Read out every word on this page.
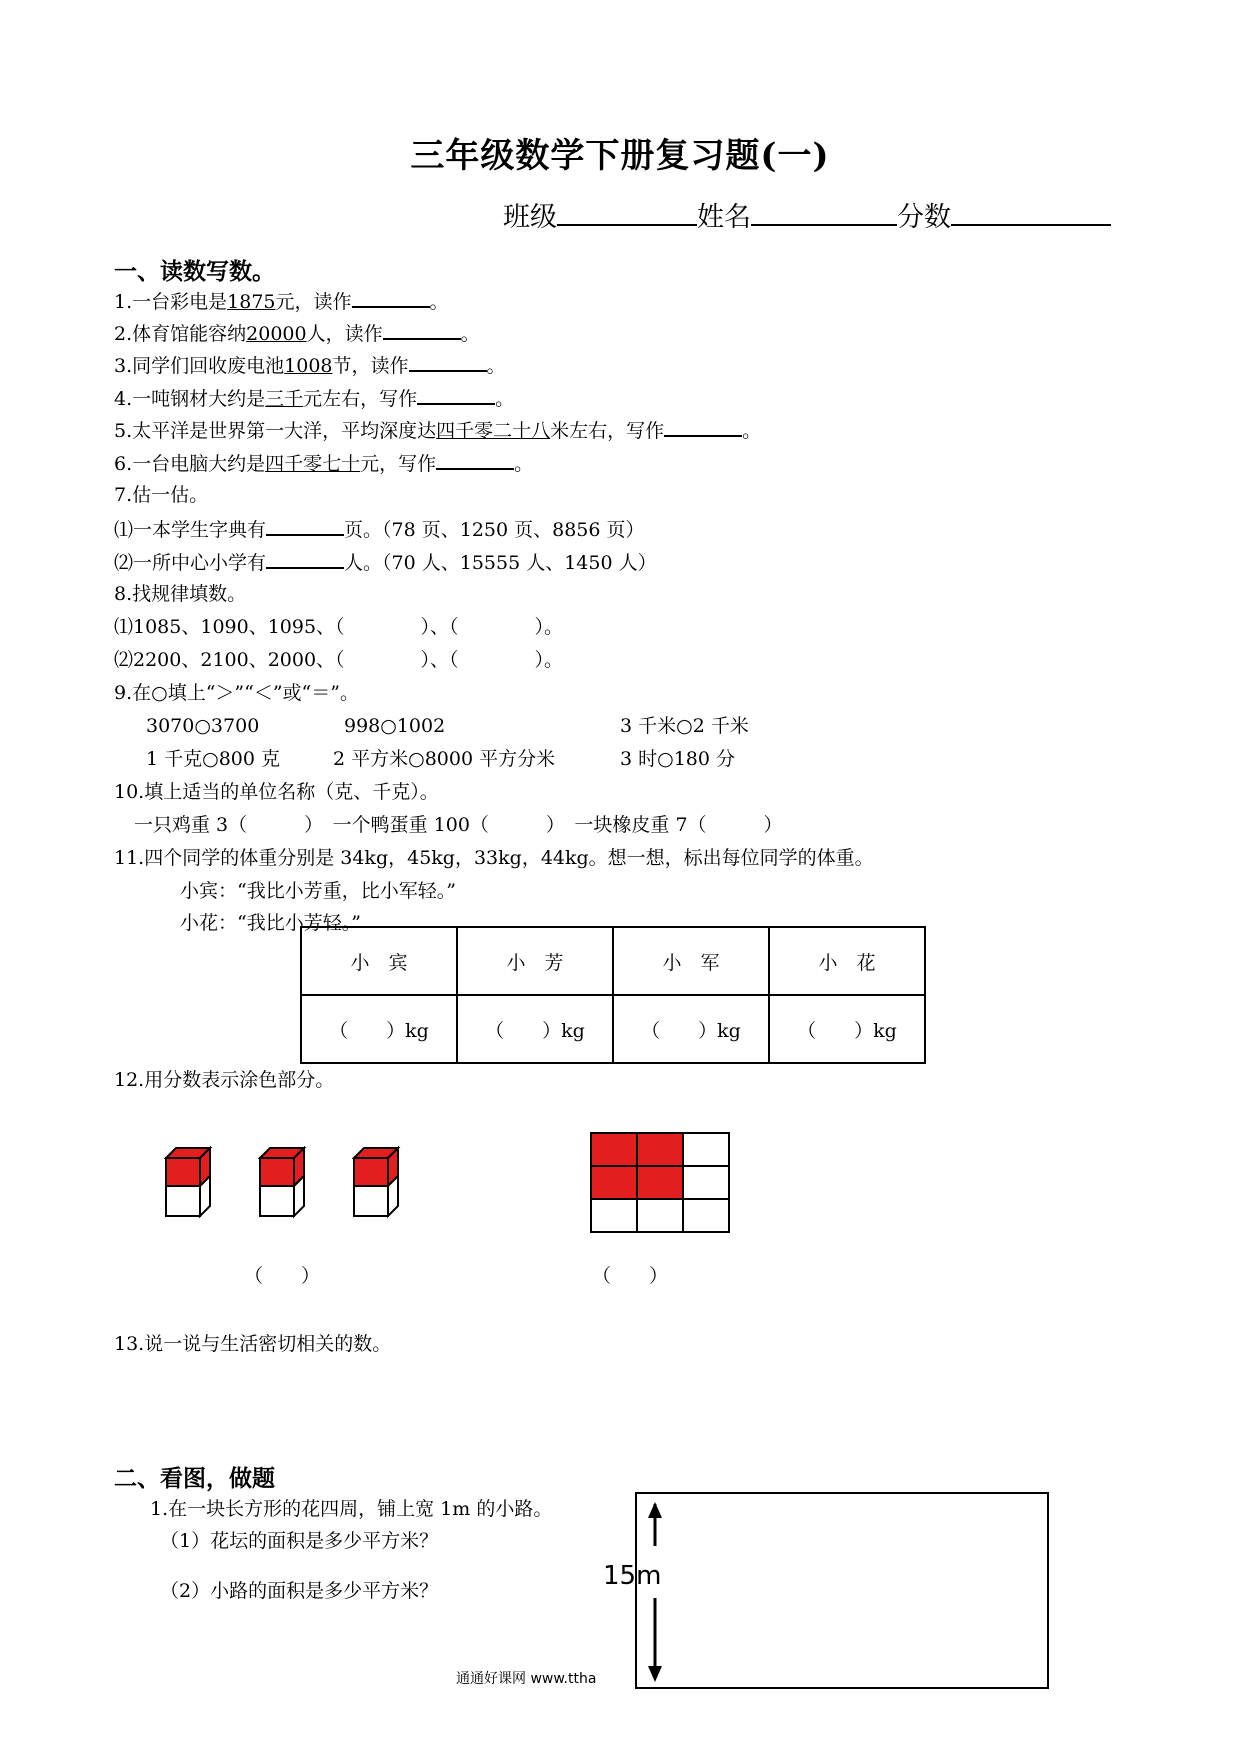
三年级数学下册复习题(一)
班级	姓名	分数
一、读数写数。
1.一台彩电是1875元，读作	。
2.体育馆能容纳20000人，读作	。
3.同学们回收废电池1008节，读作	。
4.一吨钢材大约是三千元左右，写作	。
5.太平洋是世界第一大洋，平均深度达四千零二十八米左右，写作	。
6.一台电脑大约是四千零七十元，写作	。
7.估一估。
⑴一本学生字典有	页。（78 页、1250 页、8856 页）
⑵一所中心小学有	人。（70 人、15555 人、1450 人）
8.找规律填数。
⑴1085、1090、1095、（　　　　）、（　　　　）。
⑵2200、2100、2000、（　　　　）、（　　　　）。
9.在○填上“＞”“＜”或“＝”。
3070○3700	998○1002	3 千米○2 千米
1 千克○800 克	2 平方米○8000 平方分米	3 时○180 分
10.填上适当的单位名称（克、千克）。
一只鸡重 3（　　　）　一个鸭蛋重 100（　　　）　一块橡皮重 7（　　　）
11.四个同学的体重分别是 34kg，45kg，33kg，44kg。想一想，标出每位同学的体重。
小宾：“我比小芳重，比小军轻。”
小花：“我比小芳轻。”
小　宾	小　芳	小　军	小　花
（　　）kg	（　　）kg	（　　）kg	（　　）kg
12.用分数表示涂色部分。

（　　）	（　　）
13.说一说与生活密切相关的数。
二、看图，做题
1.在一块长方形的花四周，铺上宽 1m 的小路。
（1）花坛的面积是多少平方米？
（2）小路的面积是多少平方米？	15m
通通好课网 www.ttha
